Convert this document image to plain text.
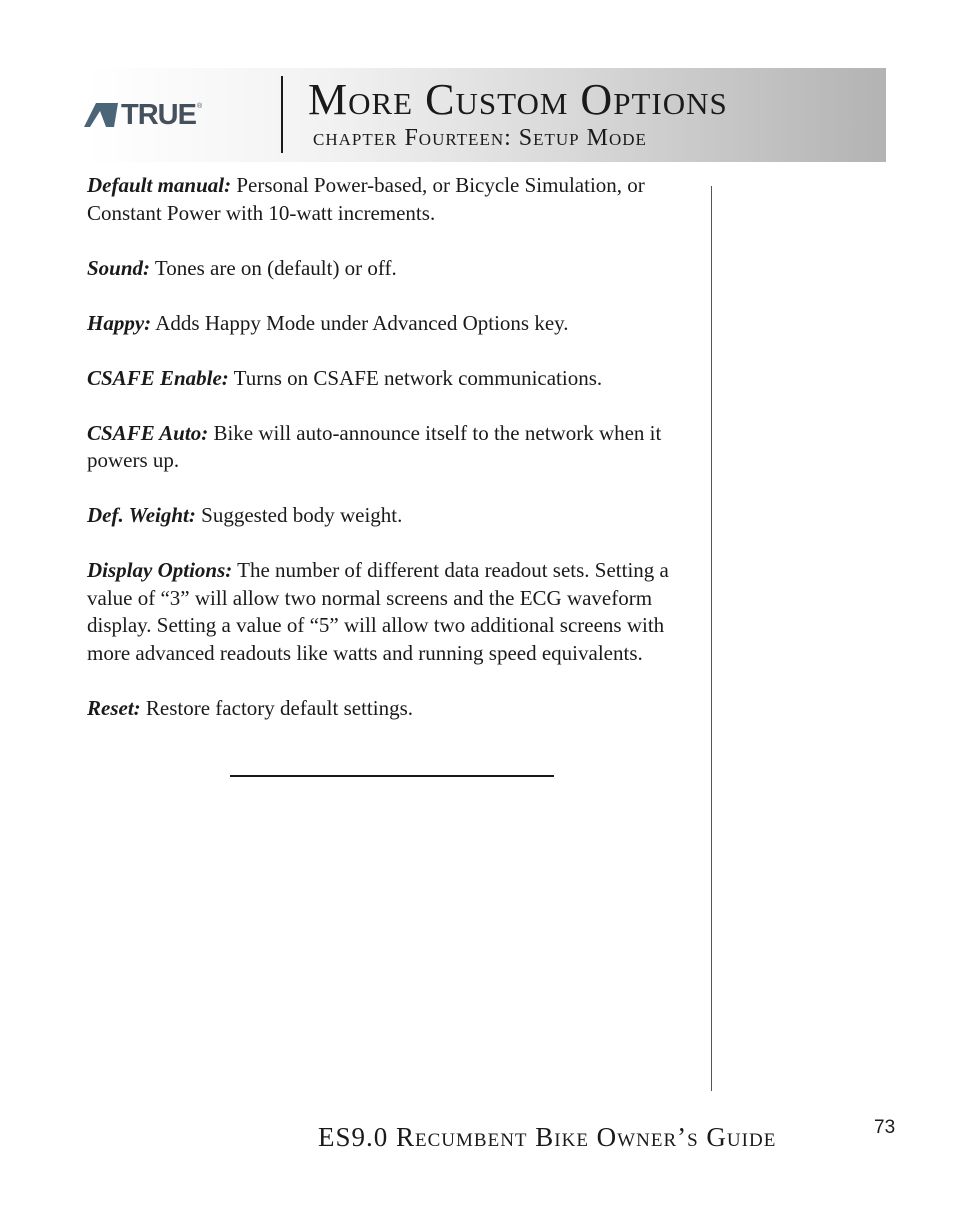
TRUE ® More Custom Options
chapter Fourteen: Setup Mode

Default manual: Personal Power-based, or Bicycle Simulation, or Constant Power with 10-watt increments.

Sound: Tones are on (default) or off.

Happy: Adds Happy Mode under Advanced Options key.

CSAFE Enable: Turns on CSAFE network communications.

CSAFE Auto: Bike will auto-announce itself to the network when it powers up.

Def. Weight: Suggested body weight.

Display Options: The number of different data readout sets. Setting a value of “3” will allow two normal screens and the ECG waveform display. Setting a value of “5” will allow two additional screens with more advanced readouts like watts and running speed equivalents.

Reset: Restore factory default settings.

ES9.0 Recumbent Bike Owner’s Guide	73
